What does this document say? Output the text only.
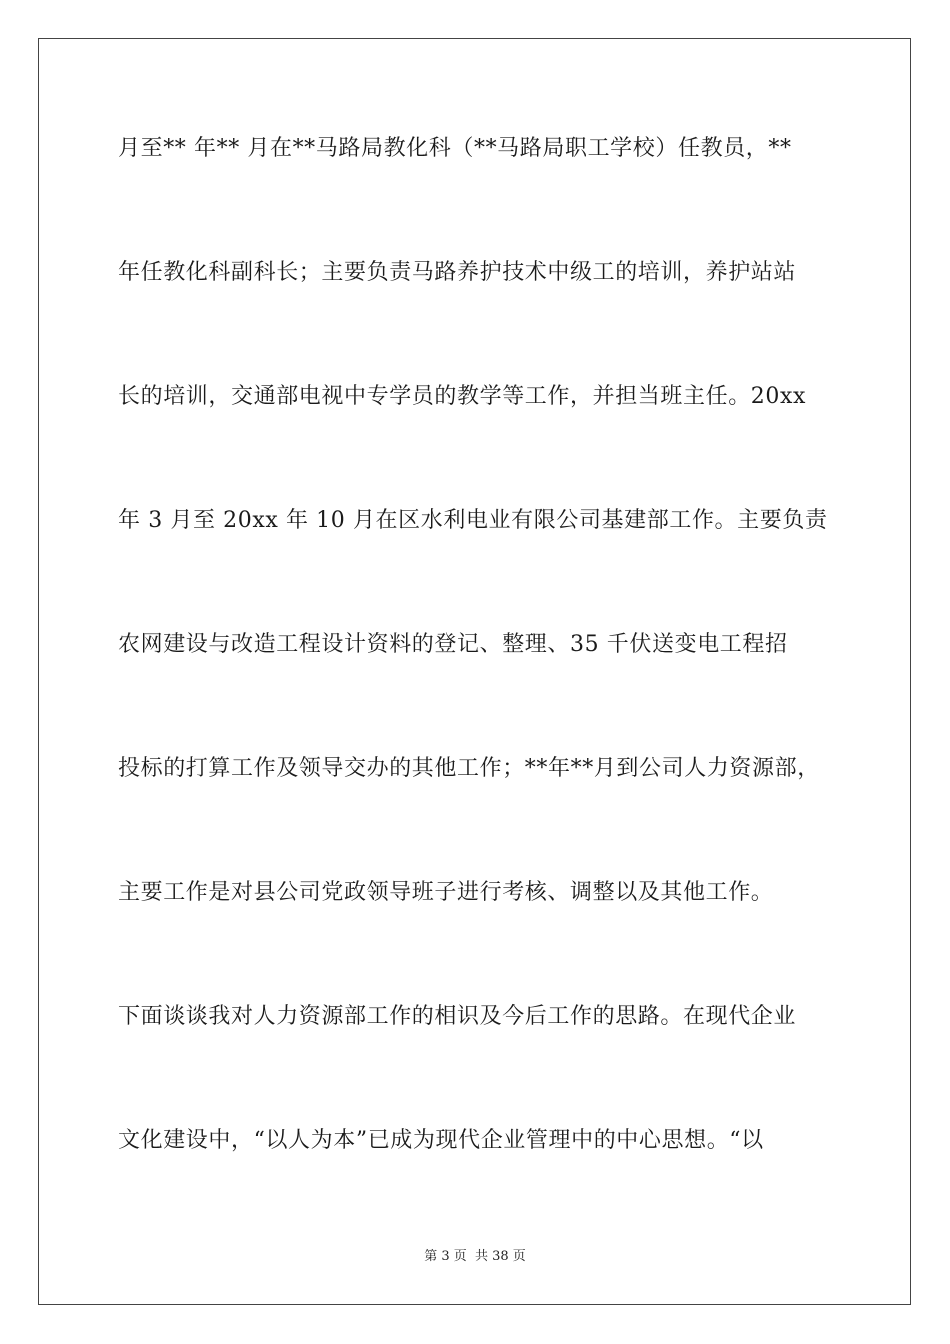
月至** 年** 月在**马路局教化科（**马路局职工学校）任教员，**
年任教化科副科长；主要负责马路养护技术中级工的培训，养护站站
长的培训，交通部电视中专学员的教学等工作，并担当班主任。20xx
年 3 月至 20xx 年 10 月在区水利电业有限公司基建部工作。主要负责
农网建设与改造工程设计资料的登记、整理、35 千伏送变电工程招
投标的打算工作及领导交办的其他工作；**年**月到公司人力资源部，
主要工作是对县公司党政领导班子进行考核、调整以及其他工作。
下面谈谈我对人力资源部工作的相识及今后工作的思路。在现代企业
文化建设中，“以人为本”已成为现代企业管理中的中心思想。“以
第 3 页 共 38 页
